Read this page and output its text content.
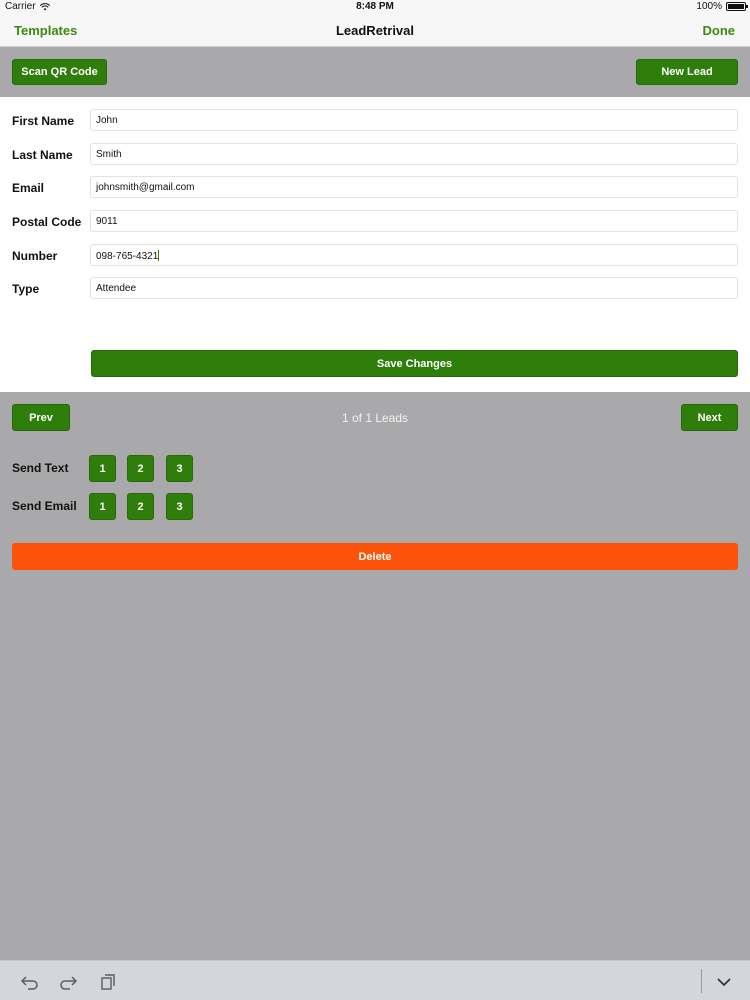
Carrier	8:48 PM	100%
Templates	LeadRetrival	Done
Scan QR Code	New Lead
First Name	John
Last Name	Smith
Email	johnsmith@gmail.com
Postal Code	9011
Number	098-765-4321
Type	Attendee
Save Changes
Prev	1 of 1 Leads	Next
Send Text	1	2	3
Send Email	1	2	3
Delete
